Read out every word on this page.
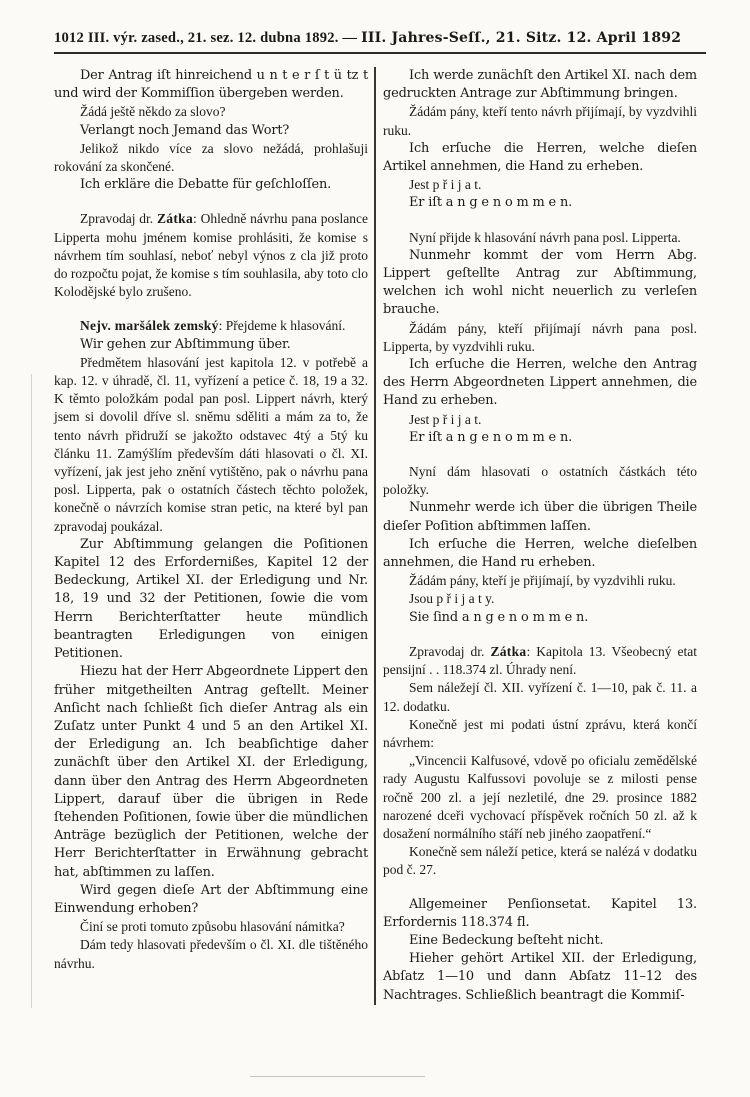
1012 III. výr. zased., 21. sez. 12. dubna 1892. — III. Jahres-Seſſ., 21. Sitz. 12. April 1892

Der Antrag iſt hinreichend u n t e r ſ t ü tz t und wird der Kommiſſion übergeben werden.

Žádá ještě někdo za slovo?

Verlangt noch Jemand das Wort?

Jelikož nikdo více za slovo nežádá, prohlašuji rokování za skončené.

Ich erkläre die Debatte für geſchloſſen.

Zpravodaj dr. Zátka: Ohledně návrhu pana poslance Lipperta mohu jménem komise prohlásiti, že komise s návrhem tím souhlasí, neboť nebyl výnos z cla již proto do rozpočtu pojat, že komise s tím souhlasila, aby toto clo Kolodějské bylo zrušeno.

Nejv. maršálek zemský: Přejdeme k hlasování.

Wir gehen zur Abſtimmung über.

Předmětem hlasování jest kapitola 12. v potřebě a kap. 12. v úhradě, čl. 11, vyřízení a petice č. 18, 19 a 32. K těmto položkám podal pan posl. Lippert návrh, který jsem si dovolil dříve sl. sněmu sděliti a mám za to, že tento návrh přidruží se jakožto odstavec 4tý a 5tý ku článku 11. Zamýšlím především dáti hlasovati o čl. XI. vyřízení, jak jest jeho znění vytištěno, pak o návrhu pana posl. Lipperta, pak o ostatních částech těchto položek, konečně o návrzích komise stran petic, na které byl pan zpravodaj poukázal.

Zur Abſtimmung gelangen die Poſitionen Kapitel 12 des Erfordernißes, Kapitel 12 der Bedeckung, Artikel XI. der Erledigung und Nr. 18, 19 und 32 der Petitionen, ſowie die vom Herrn Berichterſtatter heute mündlich beantragten Erledigungen von einigen Petitionen.

Hiezu hat der Herr Abgeordnete Lippert den früher mitgetheilten Antrag geſtellt. Meiner Anſicht nach ſchließt ſich dieſer Antrag als ein Zuſatz unter Punkt 4 und 5 an den Artikel XI. der Erledigung an. Ich beabſichtige daher zunächſt über den Artikel XI. der Erledigung, dann über den Antrag des Herrn Abgeordneten Lippert, darauf über die übrigen in Rede ſtehenden Poſitionen, ſowie über die mündlichen Anträge bezüglich der Petitionen, welche der Herr Berichterſtatter in Erwähnung gebracht hat, abſtimmen zu laſſen.

Wird gegen dieſe Art der Abſtimmung eine Einwendung erhoben?

Činí se proti tomuto způsobu hlasování námitka?

Dám tedy hlasovati především o čl. XI. dle tištěného návrhu.

Ich werde zunächſt den Artikel XI. nach dem gedruckten Antrage zur Abſtimmung bringen.

Žádám pány, kteří tento návrh přijímají, by vyzdvihli ruku.

Ich erſuche die Herren, welche dieſen Artikel annehmen, die Hand zu erheben.

Jest p ř i j a t.

Er iſt a n g e n o m m e n.

Nyní přijde k hlasování návrh pana posl. Lipperta.

Nunmehr kommt der vom Herrn Abg. Lippert geſtellte Antrag zur Abſtimmung, welchen ich wohl nicht neuerlich zu verleſen brauche.

Žádám pány, kteří přijímají návrh pana posl. Lipperta, by vyzdvihli ruku.

Ich erſuche die Herren, welche den Antrag des Herrn Abgeordneten Lippert annehmen, die Hand zu erheben.

Jest p ř i j a t.

Er iſt a n g e n o m m e n.

Nyní dám hlasovati o ostatních částkách této položky.

Nunmehr werde ich über die übrigen Theile dieſer Poſition abſtimmen laſſen.

Ich erſuche die Herren, welche dieſelben annehmen, die Hand ru erheben.

Žádám pány, kteří je přijímají, by vyzdvihli ruku.

Jsou p ř i j a t y.

Sie ſind a n g e n o m m e n.

Zpravodaj dr. Zátka: Kapitola 13. Všeobecný etat pensijní . . 118.374 zl. Úhrady není.

Sem náležejí čl. XII. vyřízení č. 1—10, pak č. 11. a 12. dodatku.

Konečně jest mi podati ústní zprávu, která končí návrhem:

„Vincencii Kalfusové, vdově po oficialu zemědělské rady Augustu Kalfussovi povoluje se z milosti pense ročně 200 zl. a její nezletilé, dne 29. prosince 1882 narozené dceři vychovací příspěvek ročních 50 zl. až k dosažení normálního stáří neb jiného zaopatření.“

Konečně sem náleží petice, která se nalézá v dodatku pod č. 27.

Allgemeiner Penſionsetat. Kapitel 13. Erfordernis 118.374 fl.

Eine Bedeckung beſteht nicht.

Hieher gehört Artikel XII. der Erledigung, Abſatz 1—10 und dann Abſatz 11–12 des Nachtrages. Schließlich beantragt die Kommiſ-
